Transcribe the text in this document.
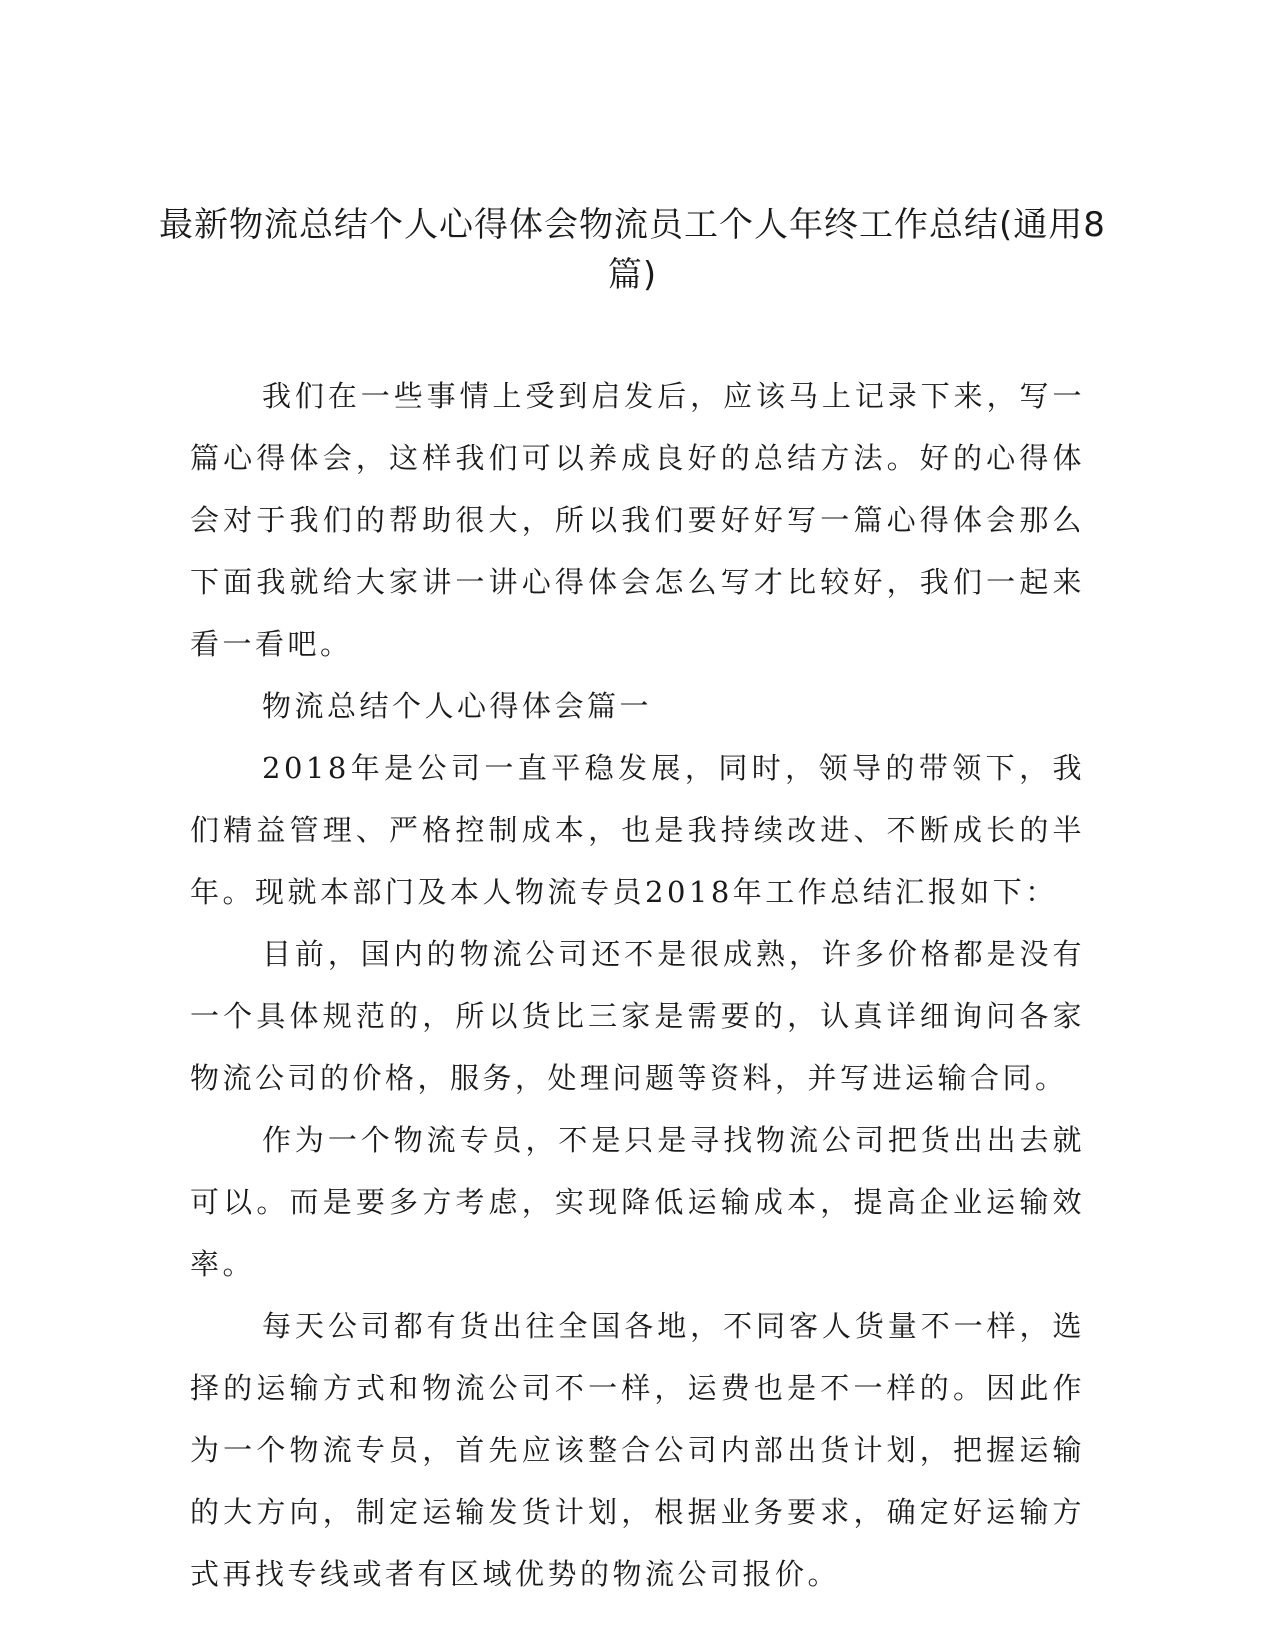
最新物流总结个人心得体会物流员工个人年终工作总结(通用8篇)

我们在一些事情上受到启发后，应该马上记录下来，写一篇心得体会，这样我们可以养成良好的总结方法。好的心得体会对于我们的帮助很大，所以我们要好好写一篇心得体会那么下面我就给大家讲一讲心得体会怎么写才比较好，我们一起来看一看吧。

物流总结个人心得体会篇一

2018年是公司一直平稳发展，同时，领导的带领下，我们精益管理、严格控制成本，也是我持续改进、不断成长的半年。现就本部门及本人物流专员2018年工作总结汇报如下：

目前，国内的物流公司还不是很成熟，许多价格都是没有一个具体规范的，所以货比三家是需要的，认真详细询问各家物流公司的价格，服务，处理问题等资料，并写进运输合同。

作为一个物流专员，不是只是寻找物流公司把货出出去就可以。而是要多方考虑，实现降低运输成本，提高企业运输效率。

每天公司都有货出往全国各地，不同客人货量不一样，选择的运输方式和物流公司不一样，运费也是不一样的。因此作为一个物流专员，首先应该整合公司内部出货计划，把握运输的大方向，制定运输发货计划，根据业务要求，确定好运输方式再找专线或者有区域优势的物流公司报价。
